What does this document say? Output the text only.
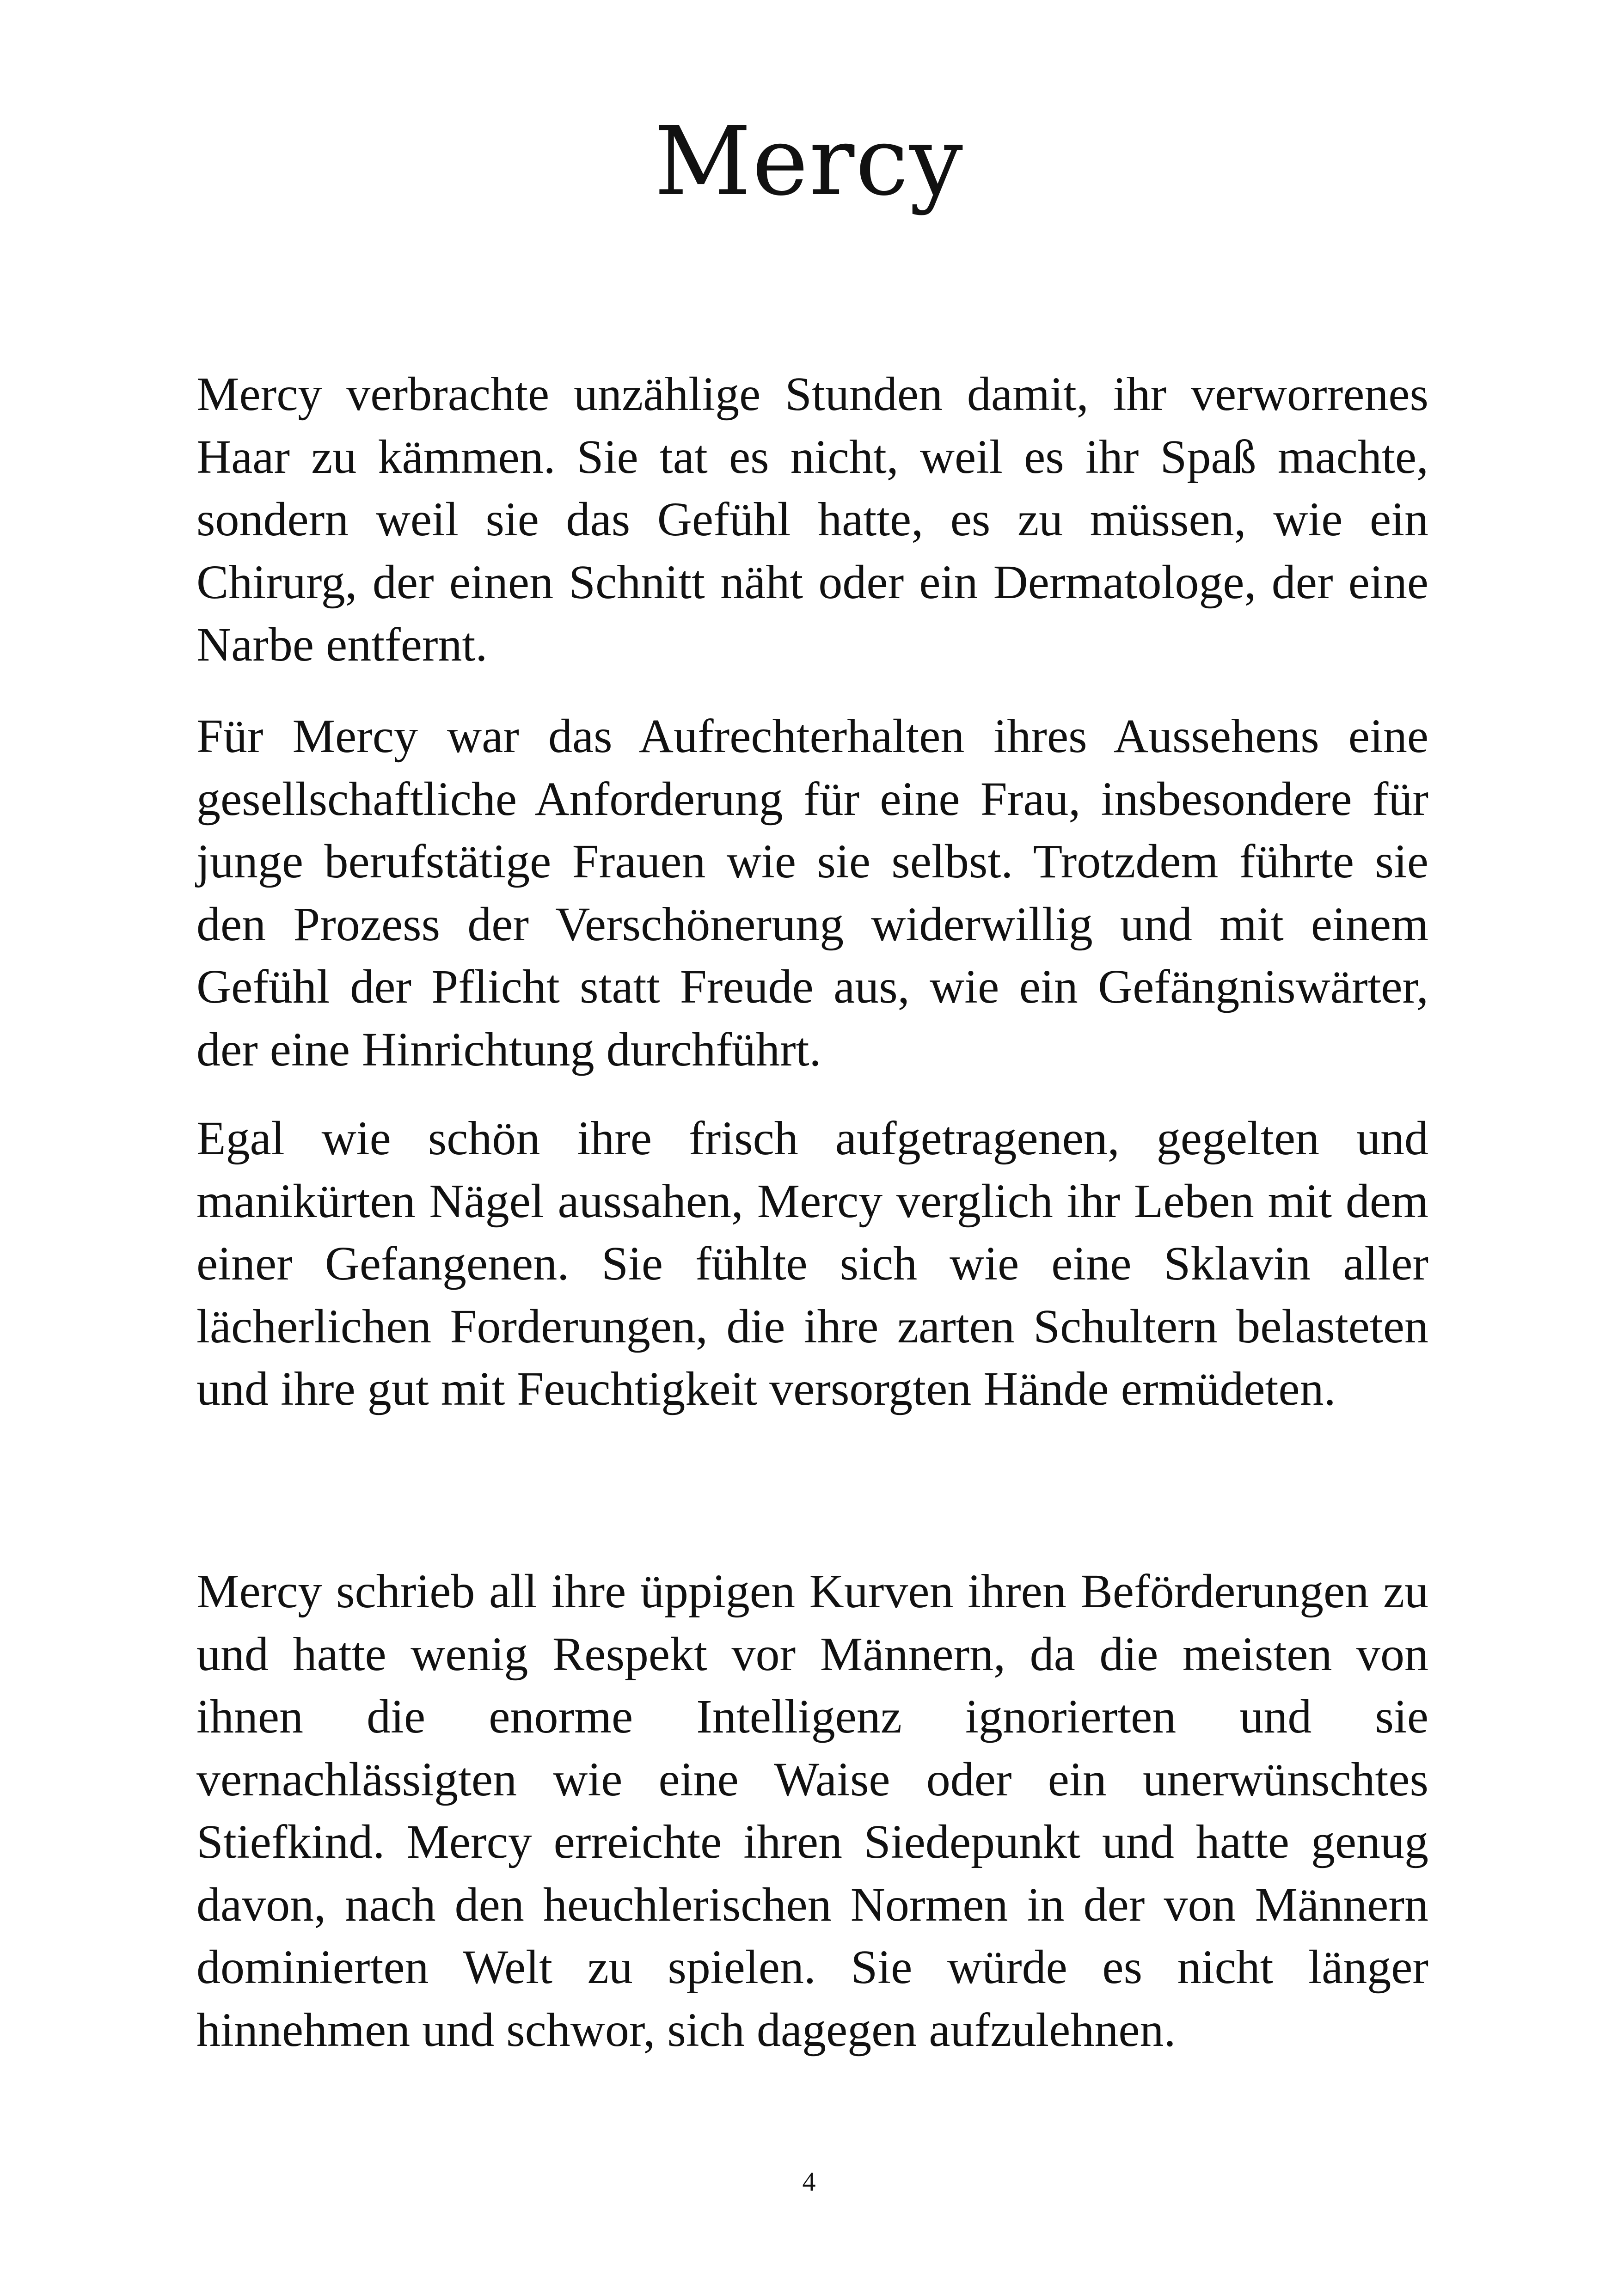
Mercy

Mercy verbrachte unzählige Stunden damit, ihr verworrenes Haar zu kämmen. Sie tat es nicht, weil es ihr Spaß machte, sondern weil sie das Gefühl hatte, es zu müssen, wie ein Chirurg, der einen Schnitt näht oder ein Dermatologe, der eine Narbe entfernt.

Für Mercy war das Aufrechterhalten ihres Aussehens eine gesellschaftliche Anforderung für eine Frau, insbesondere für junge berufstätige Frauen wie sie selbst. Trotzdem führte sie den Prozess der Verschönerung widerwillig und mit einem Gefühl der Pflicht statt Freude aus, wie ein Gefängniswärter, der eine Hinrichtung durchführt.

Egal wie schön ihre frisch aufgetragenen, gegelten und manikürten Nägel aussahen, Mercy verglich ihr Leben mit dem einer Gefangenen. Sie fühlte sich wie eine Sklavin aller lächerlichen Forderungen, die ihre zarten Schultern belasteten und ihre gut mit Feuchtigkeit versorgten Hände ermüdeten.

Mercy schrieb all ihre üppigen Kurven ihren Beförderungen zu und hatte wenig Respekt vor Männern, da die meisten von ihnen die enorme Intelligenz ignorierten und sie vernachlässigten wie eine Waise oder ein unerwünschtes Stiefkind. Mercy erreichte ihren Siedepunkt und hatte genug davon, nach den heuchlerischen Normen in der von Männern dominierten Welt zu spielen. Sie würde es nicht länger hinnehmen und schwor, sich dagegen aufzulehnen.

4
